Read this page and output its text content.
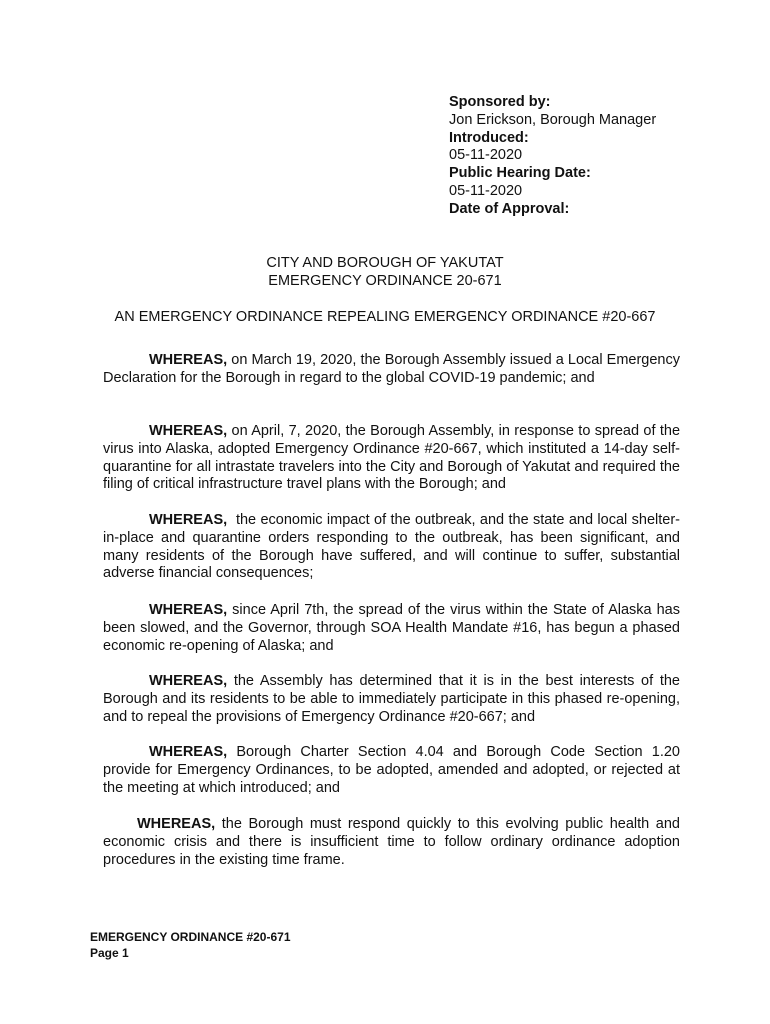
Sponsored by:
Jon Erickson, Borough Manager
Introduced:
05-11-2020
Public Hearing Date:
05-11-2020
Date of Approval:
CITY AND BOROUGH OF YAKUTAT
EMERGENCY ORDINANCE 20-671
AN EMERGENCY ORDINANCE REPEALING EMERGENCY ORDINANCE #20-667

WHEREAS, on March 19, 2020, the Borough Assembly issued a Local Emergency Declaration for the Borough in regard to the global COVID-19 pandemic; and

WHEREAS, on April, 7, 2020, the Borough Assembly, in response to spread of the virus into Alaska, adopted Emergency Ordinance #20-667, which instituted a 14-day self-quarantine for all intrastate travelers into the City and Borough of Yakutat and required the filing of critical infrastructure travel plans with the Borough; and

WHEREAS, the economic impact of the outbreak, and the state and local shelter-in-place and quarantine orders responding to the outbreak, has been significant, and many residents of the Borough have suffered, and will continue to suffer, substantial adverse financial consequences;

WHEREAS, since April 7th, the spread of the virus within the State of Alaska has been slowed, and the Governor, through SOA Health Mandate #16, has begun a phased economic re-opening of Alaska; and

WHEREAS, the Assembly has determined that it is in the best interests of the Borough and its residents to be able to immediately participate in this phased re-opening, and to repeal the provisions of Emergency Ordinance #20-667; and

WHEREAS, Borough Charter Section 4.04 and Borough Code Section 1.20 provide for Emergency Ordinances, to be adopted, amended and adopted, or rejected at the meeting at which introduced; and

WHEREAS, the Borough must respond quickly to this evolving public health and economic crisis and there is insufficient time to follow ordinary ordinance adoption procedures in the existing time frame.

EMERGENCY ORDINANCE #20-671
Page 1
